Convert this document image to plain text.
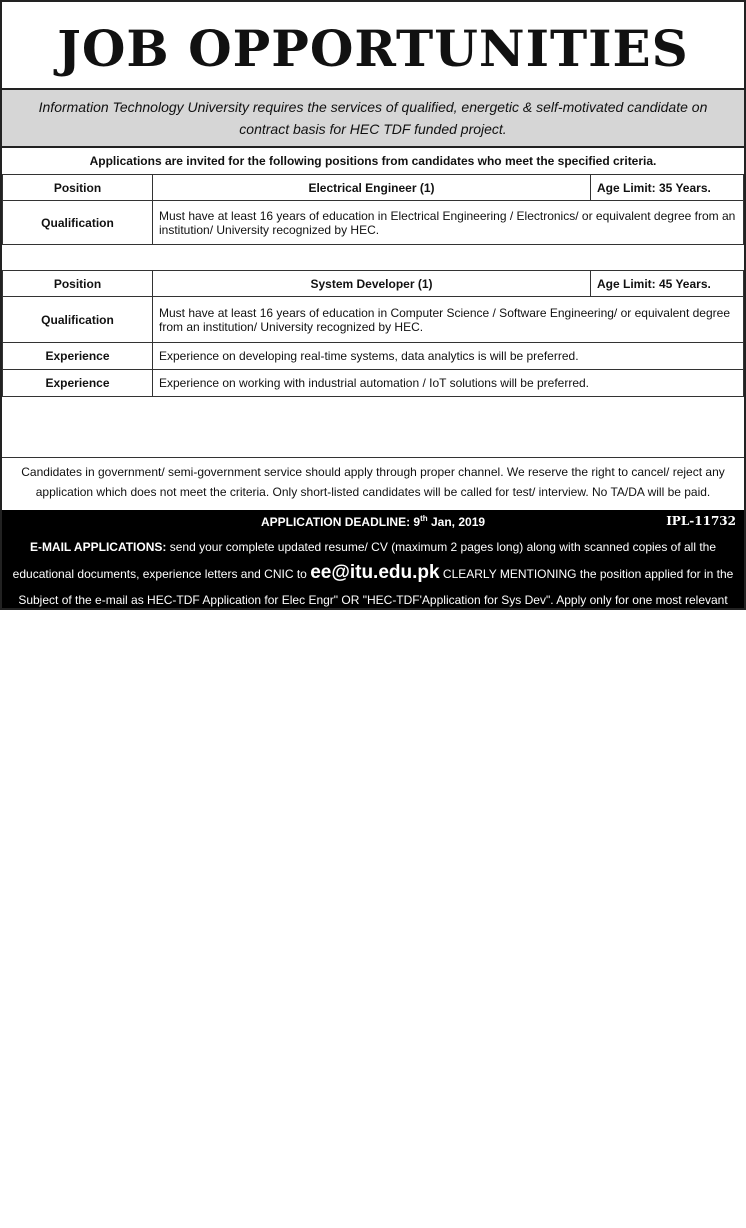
JOB OPPORTUNITIES
Information Technology University requires the services of qualified, energetic & self-motivated candidate on contract basis for HEC TDF funded project.
Applications are invited for the following positions from candidates who meet the specified criteria.
Position	Electrical Engineer (1)	Age Limit: 35 Years.
Qualification	Must have at least 16 years of education in Electrical Engineering / Electronics/ or equivalent degree from an institution/ University recognized by HEC.	
Position	System Developer (1)	Age Limit: 45 Years.
Qualification	Must have at least 16 years of education in Computer Science / Software Engineering/ or equivalent degree from an institution/ University recognized by HEC.	
Experience	Experience on developing real-time systems, data analytics is will be preferred.	
Experience	Experience on working with industrial automation / IoT solutions will be preferred.	
Candidates in government/ semi-government service should apply through proper channel. We reserve the right to cancel/ reject any application which does not meet the criteria. Only short-listed candidates will be called for test/ interview. No TA/DA will be paid.
APPLICATION DEADLINE: 9th Jan, 2019	IPL-11732
E-MAIL APPLICATIONS: send your complete updated resume/ CV (maximum 2 pages long) along with scanned copies of all the educational documents, experience letters and CNIC to ee@itu.edu.pk CLEARLY MENTIONING the position applied for in the Subject of the e-mail as HEC-TDF Application for Elec Engr" OR "HEC-TDF'Application for Sys Dev". Apply only for one most relevant position.
